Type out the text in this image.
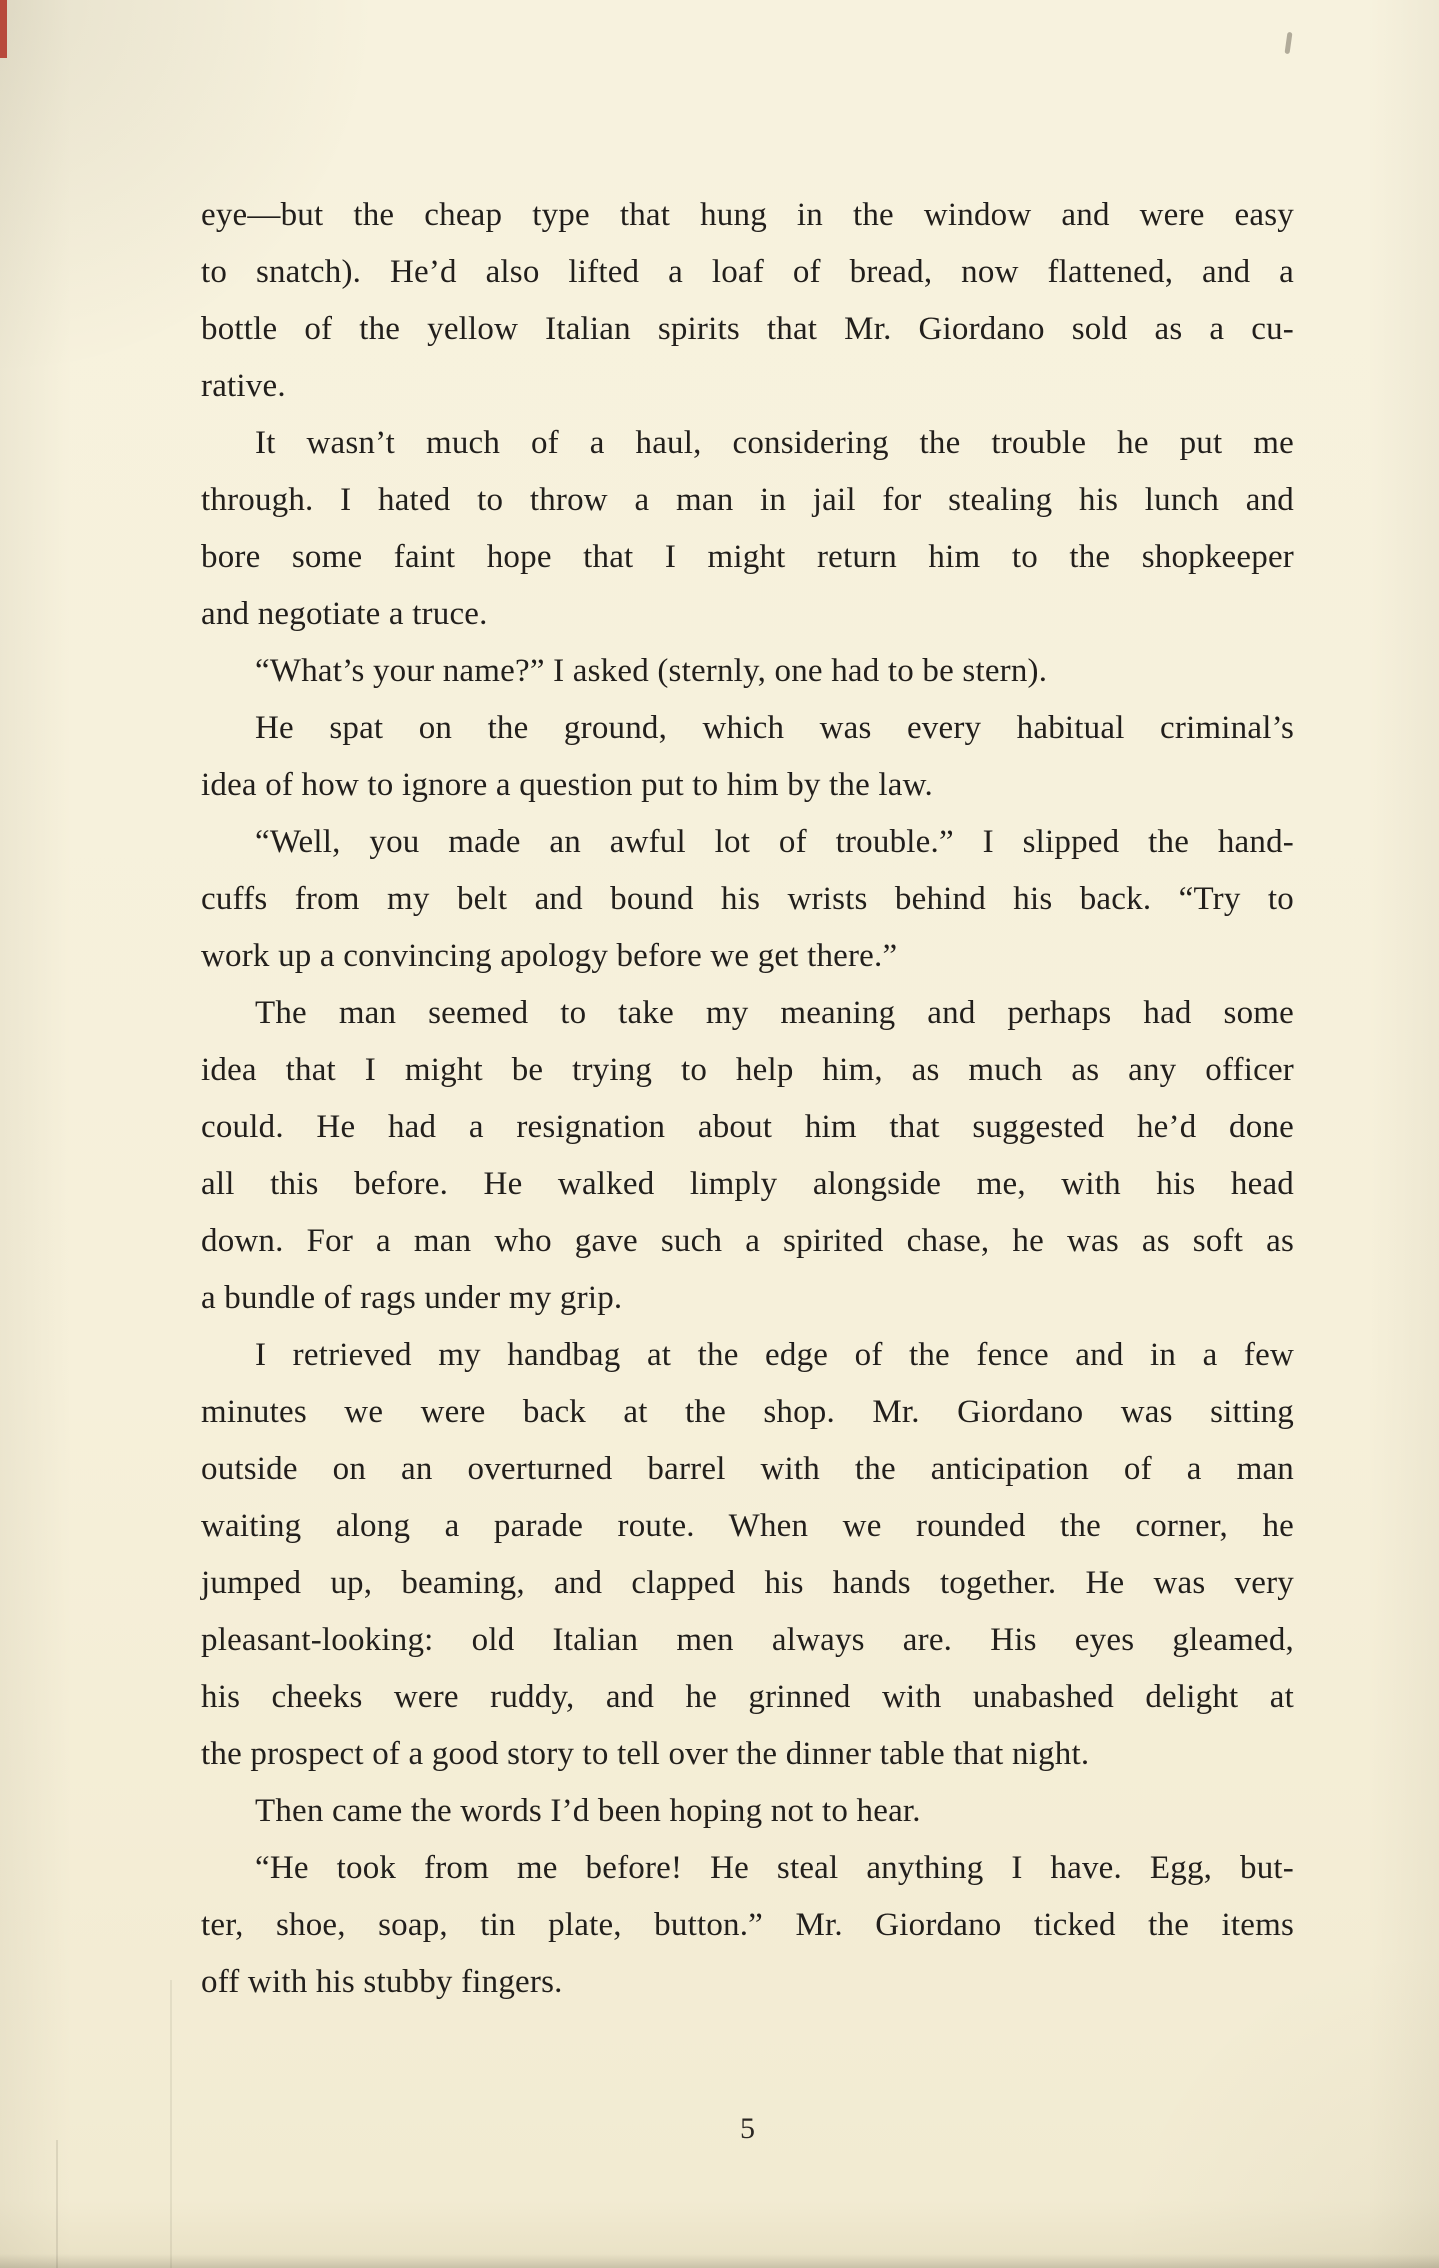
eye—but the cheap type that hung in the window and were easy
to snatch). He’d also lifted a loaf of bread, now flattened, and a
bottle of the yellow Italian spirits that Mr. Giordano sold as a cu-
rative.
It wasn’t much of a haul, considering the trouble he put me
through. I hated to throw a man in jail for stealing his lunch and
bore some faint hope that I might return him to the shopkeeper
and negotiate a truce.
“What’s your name?” I asked (sternly, one had to be stern).
He spat on the ground, which was every habitual criminal’s
idea of how to ignore a question put to him by the law.
“Well, you made an awful lot of trouble.” I slipped the hand-
cuffs from my belt and bound his wrists behind his back. “Try to
work up a convincing apology before we get there.”
The man seemed to take my meaning and perhaps had some
idea that I might be trying to help him, as much as any officer
could. He had a resignation about him that suggested he’d done
all this before. He walked limply alongside me, with his head
down. For a man who gave such a spirited chase, he was as soft as
a bundle of rags under my grip.
I retrieved my handbag at the edge of the fence and in a few
minutes we were back at the shop. Mr. Giordano was sitting
outside on an overturned barrel with the anticipation of a man
waiting along a parade route. When we rounded the corner, he
jumped up, beaming, and clapped his hands together. He was very
pleasant-looking: old Italian men always are. His eyes gleamed,
his cheeks were ruddy, and he grinned with unabashed delight at
the prospect of a good story to tell over the dinner table that night.
Then came the words I’d been hoping not to hear.
“He took from me before! He steal anything I have. Egg, but-
ter, shoe, soap, tin plate, button.” Mr. Giordano ticked the items
off with his stubby fingers.
5
